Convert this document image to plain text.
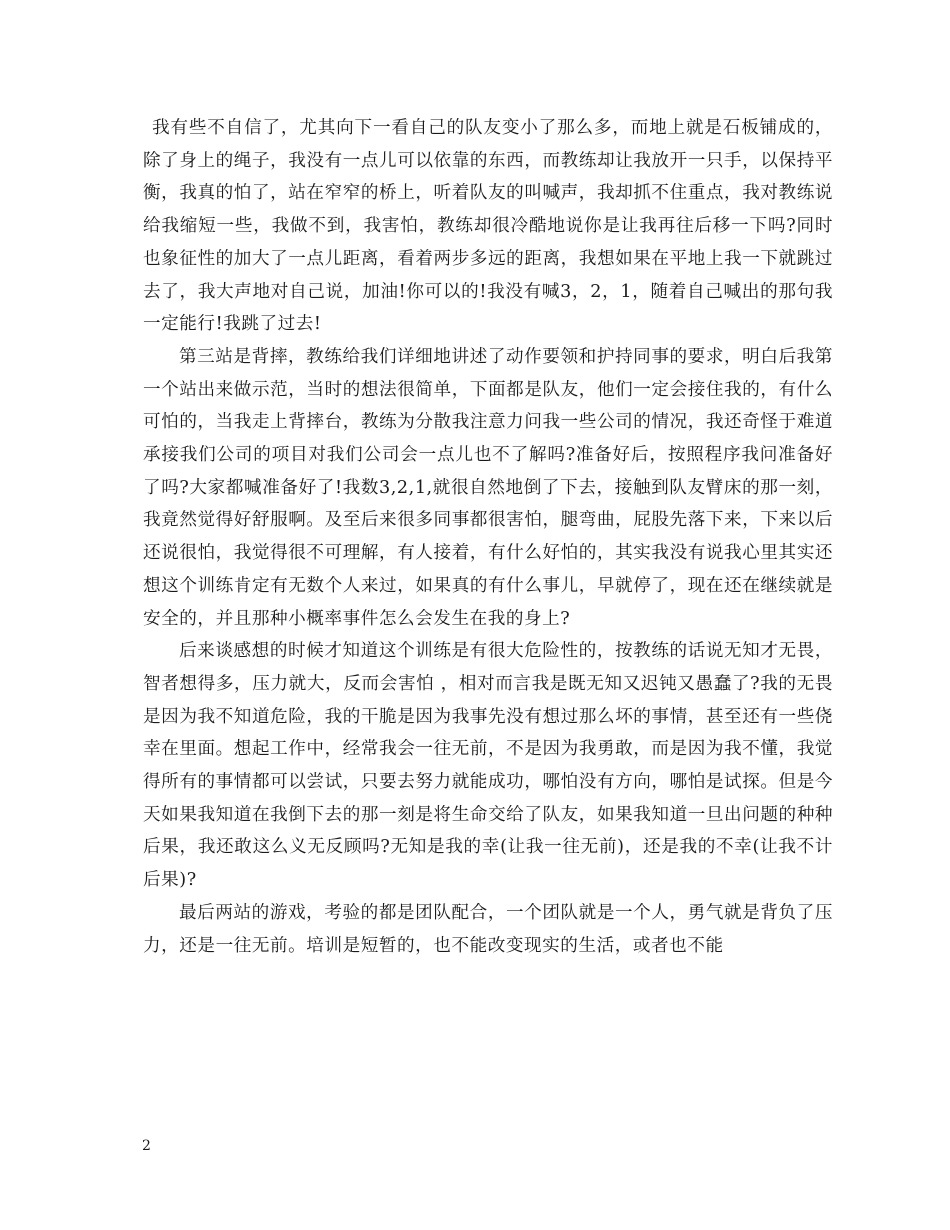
我有些不自信了，尤其向下一看自己的队友变小了那么多，而地上就是石板铺成的，除了身上的绳子，我没有一点儿可以依靠的东西，而教练却让我放开一只手，以保持平衡，我真的怕了，站在窄窄的桥上，听着队友的叫喊声，我却抓不住重点，我对教练说给我缩短一些，我做不到，我害怕，教练却很冷酷地说你是让我再往后移一下吗?同时也象征性的加大了一点儿距离，看着两步多远的距离，我想如果在平地上我一下就跳过去了，我大声地对自己说，加油!你可以的!我没有喊3，2，1，随着自己喊出的那句我一定能行!我跳了过去!

第三站是背摔，教练给我们详细地讲述了动作要领和护持同事的要求，明白后我第一个站出来做示范，当时的想法很简单，下面都是队友，他们一定会接住我的，有什么可怕的，当我走上背摔台，教练为分散我注意力问我一些公司的情况，我还奇怪于难道承接我们公司的项目对我们公司会一点儿也不了解吗?准备好后，按照程序我问准备好了吗?大家都喊准备好了!我数3,2,1,就很自然地倒了下去，接触到队友臂床的那一刻，我竟然觉得好舒服啊。及至后来很多同事都很害怕，腿弯曲，屁股先落下来，下来以后还说很怕，我觉得很不可理解，有人接着，有什么好怕的，其实我没有说我心里其实还想这个训练肯定有无数个人来过，如果真的有什么事儿，早就停了，现在还在继续就是安全的，并且那种小概率事件怎么会发生在我的身上?

后来谈感想的时候才知道这个训练是有很大危险性的，按教练的话说无知才无畏，智者想得多，压力就大，反而会害怕 ，相对而言我是既无知又迟钝又愚蠢了?我的无畏是因为我不知道危险，我的干脆是因为我事先没有想过那么坏的事情，甚至还有一些侥幸在里面。想起工作中，经常我会一往无前，不是因为我勇敢，而是因为我不懂，我觉得所有的事情都可以尝试，只要去努力就能成功，哪怕没有方向，哪怕是试探。但是今天如果我知道在我倒下去的那一刻是将生命交给了队友，如果我知道一旦出问题的种种后果，我还敢这么义无反顾吗?无知是我的幸(让我一往无前)，还是我的不幸(让我不计后果)?

最后两站的游戏，考验的都是团队配合，一个团队就是一个人，勇气就是背负了压力，还是一往无前。培训是短暂的，也不能改变现实的生活，或者也不能

2
